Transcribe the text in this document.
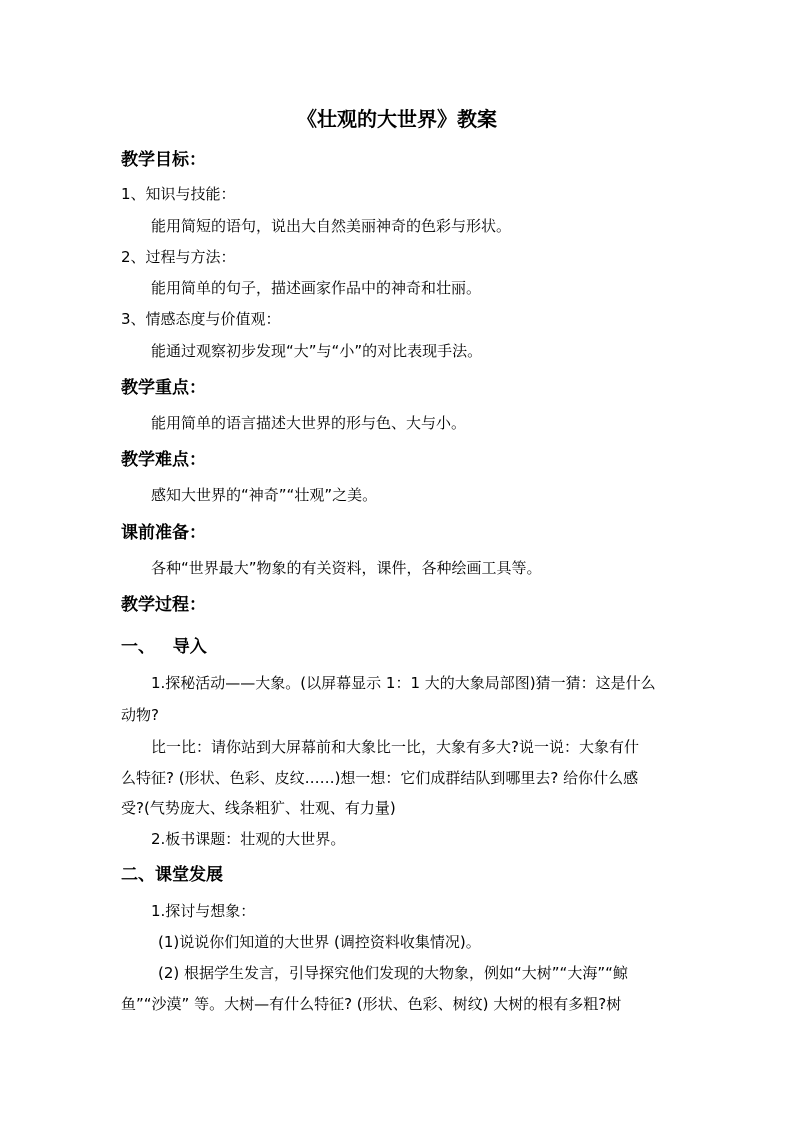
《壮观的大世界》教案
教学目标：
1、知识与技能：
能用简短的语句，说出大自然美丽神奇的色彩与形状。
2、过程与方法：
能用简单的句子，描述画家作品中的神奇和壮丽。
3、情感态度与价值观：
能通过观察初步发现“大”与“小”的对比表现手法。
教学重点：
能用简单的语言描述大世界的形与色、大与小。
教学难点：
感知大世界的“神奇”“壮观”之美。
课前准备：
各种“世界最大”物象的有关资料，课件，各种绘画工具等。
教学过程：
一、   导入
1.探秘活动——大象。(以屏幕显示 1：1 大的大象局部图)猜一猜：这是什么
动物?
比一比：请你站到大屏幕前和大象比一比，大象有多大?说一说：大象有什
么特征? (形状、色彩、皮纹……)想一想：它们成群结队到哪里去? 给你什么感
受?(气势庞大、线条粗犷、壮观、有力量)
2.板书课题：壮观的大世界。
二、课堂发展
1.探讨与想象：
(1)说说你们知道的大世界 (调控资料收集情况)。
(2) 根据学生发言，引导探究他们发现的大物象，例如“大树”“大海”“鲸
鱼”“沙漠” 等。大树—有什么特征? (形状、色彩、树纹) 大树的根有多粗?树
